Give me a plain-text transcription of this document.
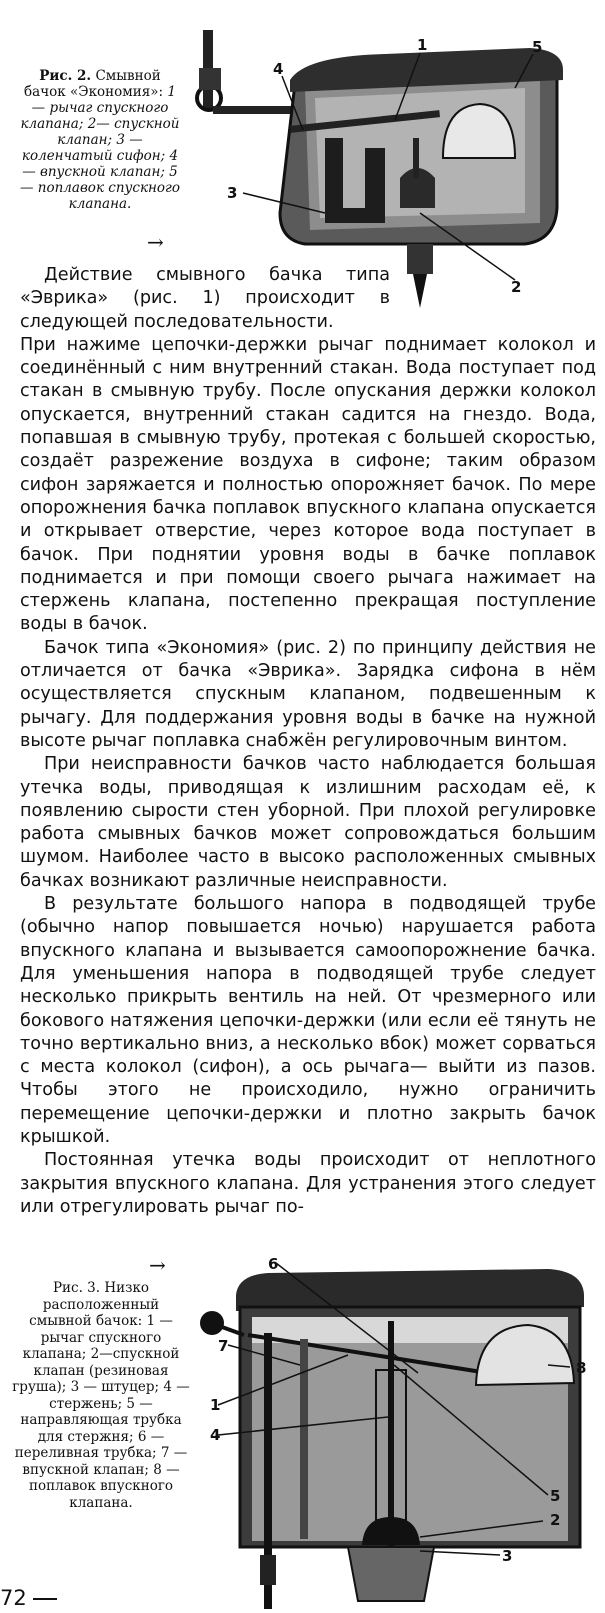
Рис. 2. Смывной бачок «Экономия»: 1 — рычаг спускного клапана; 2— спускной клапан; 3 — коленчатый сифон; 4— впускной клапан; 5 — поплавок спускного клапана.
→
1
2
3
4
5

Действие смывного бачка типа «Эврика» (рис. 1) происходит в следующей последовательности.
При нажиме цепочки-держки рычаг поднимает колокол и соединённый с ним внутренний стакан. Вода поступает под стакан в смывную трубу. После опускания держки колокол опускается, внутренний стакан садится на гнездо. Вода, попавшая в смывную трубу, протекая с большей скоростью, создаёт разрежение воздуха в сифоне; таким образом сифон заряжается и полностью опорожняет бачок. По мере опорожнения бачка поплавок впускного клапана опускается и открывает отверстие, через которое вода поступает в бачок. При поднятии уровня воды в бачке поплавок поднимается и при помощи своего рычага нажимает на стержень клапана, постепенно прекращая поступление воды в бачок.

Бачок типа «Экономия» (рис. 2) по принципу действия не отличается от бачка «Эврика». Зарядка сифона в нём осуществляется спускным клапаном, подвешенным к рычагу. Для поддержания уровня воды в бачке на нужной высоте рычаг поплавка снабжён регулировочным винтом.

При неисправности бачков часто наблюдается большая утечка воды, приводящая к излишним расходам её, к появлению сырости стен уборной. При плохой регулировке работа смывных бачков может сопровождаться большим шумом. Наиболее часто в высоко расположенных смывных бачках возникают различные неисправности.

В результате большого напора в подводящей трубе (обычно напор повышается ночью) нарушается работа впускного клапана и вызывается самоопорожнение бачка. Для уменьшения напора в подводящей трубе следует несколько прикрыть вентиль на ней. От чрезмерного или бокового натяжения цепочки-держки (или если её тянуть не точно вертикально вниз, а несколько вбок) может сорваться с места колокол (сифон), а ось рычага— выйти из пазов. Чтобы этого не происходило, нужно ограничить перемещение цепочки-держки и плотно закрыть бачок крышкой.

Постоянная утечка воды происходит от неплотного закрытия впускного клапана. Для устранения этого следует или отрегулировать рычаг по-

→
Рис. 3. Низко расположенный смывной бачок: 1 —рычаг спускного клапана; 2—спускной клапан (резиновая груша); 3 — штуцер; 4 — стержень; 5 — направляющая трубка для стержня; 6 — переливная трубка; 7 — впускной клапан; 8 — поплавок впускного клапана.
1
2
3
4
5
6
7
8
72
